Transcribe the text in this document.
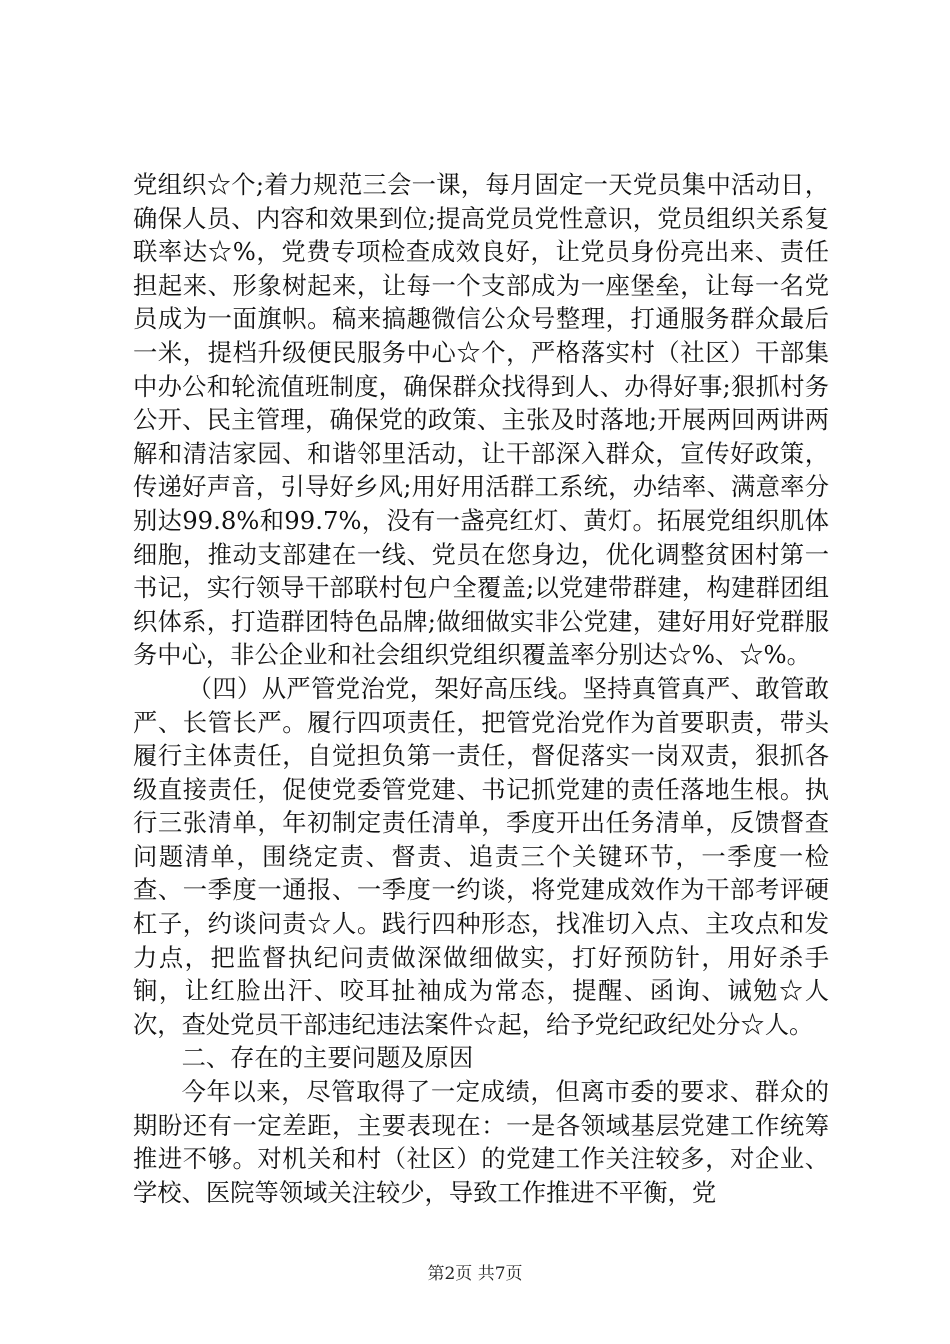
党组织☆个;着力规范三会一课，每月固定一天党员集中活动日，确保人员、内容和效果到位;提高党员党性意识，党员组织关系复联率达☆%，党费专项检查成效良好，让党员身份亮出来、责任担起来、形象树起来，让每一个支部成为一座堡垒，让每一名党员成为一面旗帜。稿来搞趣微信公众号整理，打通服务群众最后一米，提档升级便民服务中心☆个，严格落实村（社区）干部集中办公和轮流值班制度，确保群众找得到人、办得好事;狠抓村务公开、民主管理，确保党的政策、主张及时落地;开展两回两讲两解和清洁家园、和谐邻里活动，让干部深入群众，宣传好政策，传递好声音，引导好乡风;用好用活群工系统，办结率、满意率分别达99.8%和99.7%，没有一盏亮红灯、黄灯。拓展党组织肌体细胞，推动支部建在一线、党员在您身边，优化调整贫困村第一书记，实行领导干部联村包户全覆盖;以党建带群建，构建群团组织体系，打造群团特色品牌;做细做实非公党建，建好用好党群服务中心，非公企业和社会组织党组织覆盖率分别达☆%、☆%。

（四）从严管党治党，架好高压线。坚持真管真严、敢管敢严、长管长严。履行四项责任，把管党治党作为首要职责，带头履行主体责任，自觉担负第一责任，督促落实一岗双责，狠抓各级直接责任，促使党委管党建、书记抓党建的责任落地生根。执行三张清单，年初制定责任清单，季度开出任务清单，反馈督查问题清单，围绕定责、督责、追责三个关键环节，一季度一检查、一季度一通报、一季度一约谈，将党建成效作为干部考评硬杠子，约谈问责☆人。践行四种形态，找准切入点、主攻点和发力点，把监督执纪问责做深做细做实，打好预防针，用好杀手锏，让红脸出汗、咬耳扯袖成为常态，提醒、函询、诫勉☆人次，查处党员干部违纪违法案件☆起，给予党纪政纪处分☆人。

二、存在的主要问题及原因

今年以来，尽管取得了一定成绩，但离市委的要求、群众的期盼还有一定差距，主要表现在：一是各领域基层党建工作统筹推进不够。对机关和村（社区）的党建工作关注较多，对企业、学校、医院等领域关注较少，导致工作推进不平衡，党

第2页 共7页
